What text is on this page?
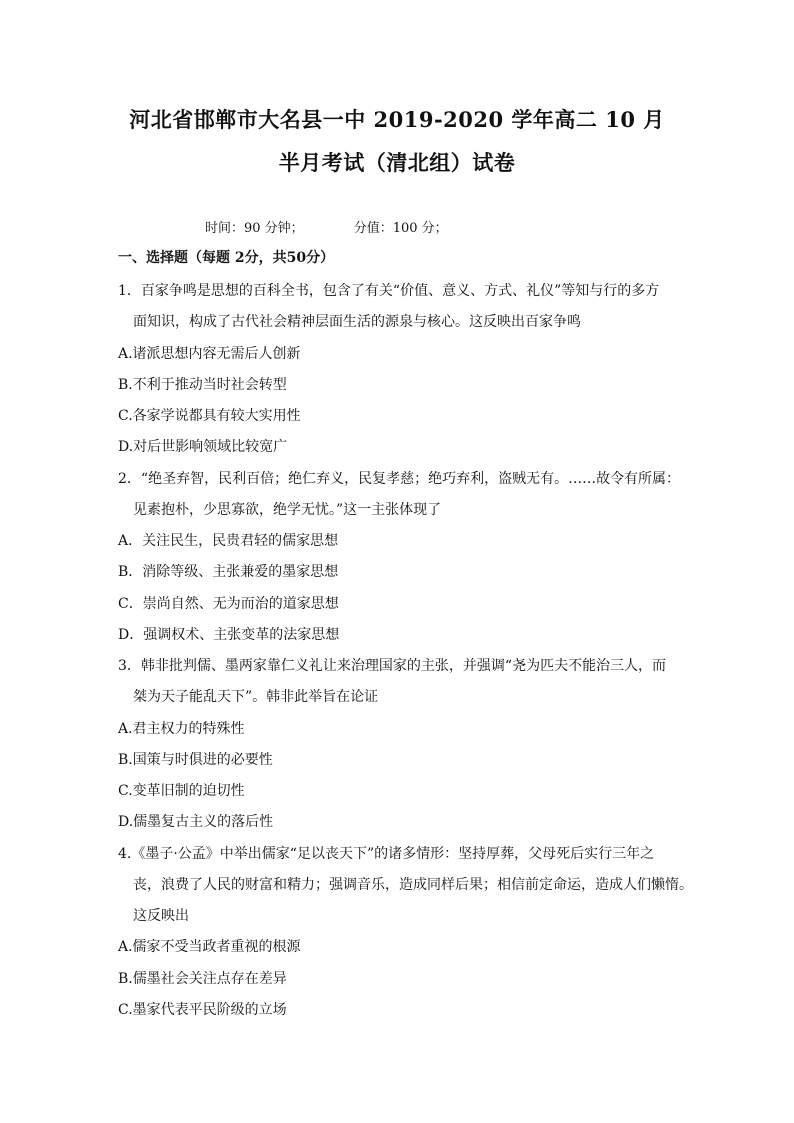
河北省邯郸市大名县一中 2019-2020 学年高二 10 月
半月考试（清北组）试卷
时间：90 分钟；	分值：100 分；
一、选择题（每题 2分，共50分）
1．百家争鸣是思想的百科全书，包含了有关“价值、意义、方式、礼仪”等知与行的多方
面知识，构成了古代社会精神层面生活的源泉与核心。这反映出百家争鸣
A.诸派思想内容无需后人创新
B.不利于推动当时社会转型
C.各家学说都具有较大实用性
D.对后世影响领域比较宽广
2．“绝圣弃智，民利百倍；绝仁弃义，民复孝慈；绝巧弃利，盗贼无有。……故令有所属：
见素抱朴，少思寡欲，绝学无忧。”这一主张体现了
A．关注民生，民贵君轻的儒家思想
B．消除等级、主张兼爱的墨家思想
C．崇尚自然、无为而治的道家思想
D．强调权术、主张变革的法家思想
3．韩非批判儒、墨两家靠仁义礼让来治理国家的主张，并强调“尧为匹夫不能治三人，而
桀为天子能乱天下”。韩非此举旨在论证
A.君主权力的特殊性
B.国策与时俱进的必要性
C.变革旧制的迫切性
D.儒墨复古主义的落后性
4.《墨子·公孟》中举出儒家“足以丧天下”的诸多情形：坚持厚葬，父母死后实行三年之
丧，浪费了人民的财富和精力；强调音乐，造成同样后果；相信前定命运，造成人们懒惰。
这反映出
A.儒家不受当政者重视的根源
B.儒墨社会关注点存在差异
C.墨家代表平民阶级的立场
